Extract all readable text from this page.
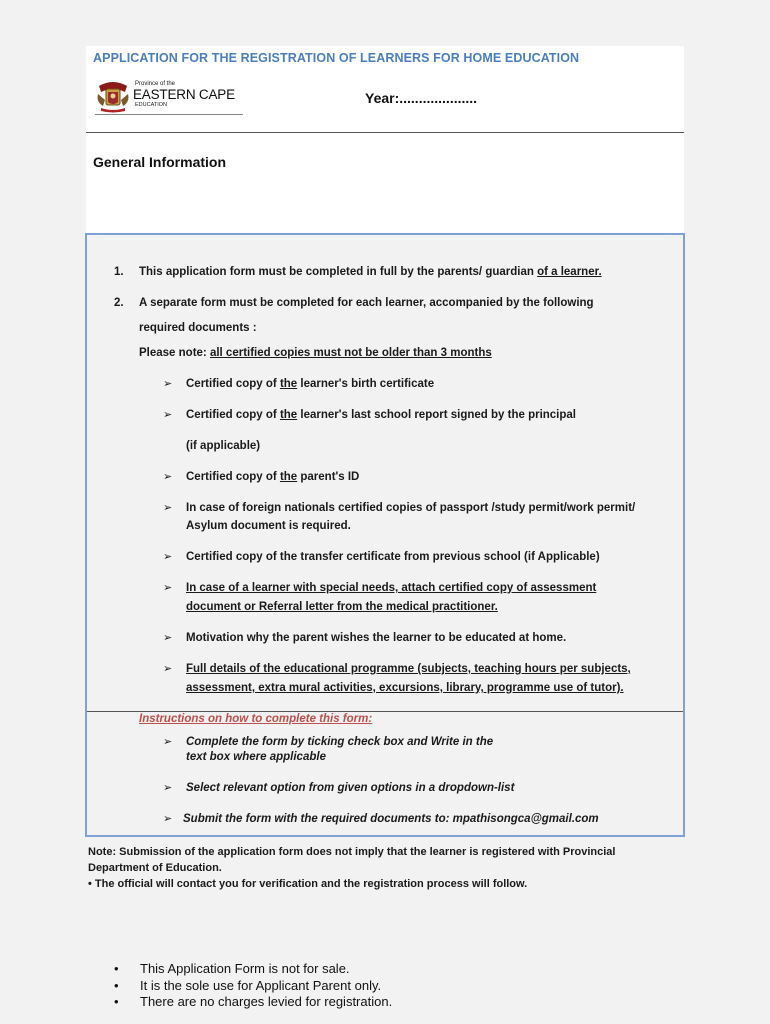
APPLICATION FOR THE REGISTRATION OF LEARNERS FOR HOME EDUCATION
Province of the
EASTERN CAPE
EDUCATION	Year:....................
General Information
1. This application form must be completed in full by the parents/ guardian of a learner.
2. A separate form must be completed for each learner, accompanied by the following
required documents :
Please note: all certified copies must not be older than 3 months
➢ Certified copy of the learner's birth certificate
➢ Certified copy of the learner's last school report signed by the principal
(if applicable)
➢ Certified copy of the parent's ID
➢ In case of foreign nationals certified copies of passport /study permit/work permit/
Asylum document is required.
➢ Certified copy of the transfer certificate from previous school (if Applicable)
➢ In case of a learner with special needs, attach certified copy of assessment
document or Referral letter from the medical practitioner.
➢ Motivation why the parent wishes the learner to be educated at home.
➢ Full details of the educational programme (subjects, teaching hours per subjects,
assessment, extra mural activities, excursions, library, programme use of tutor).
Instructions on how to complete this form:
➢ Complete the form by ticking check box and Write in the
text box where applicable
➢ Select relevant option from given options in a dropdown-list
➢ Submit the form with the required documents to: mpathisongca@gmail.com
Note: Submission of the application form does not imply that the learner is registered with Provincial
Department of Education.
• The official will contact you for verification and the registration process will follow.
• This Application Form is not for sale.
• It is the sole use for Applicant Parent only.
• There are no charges levied for registration.
